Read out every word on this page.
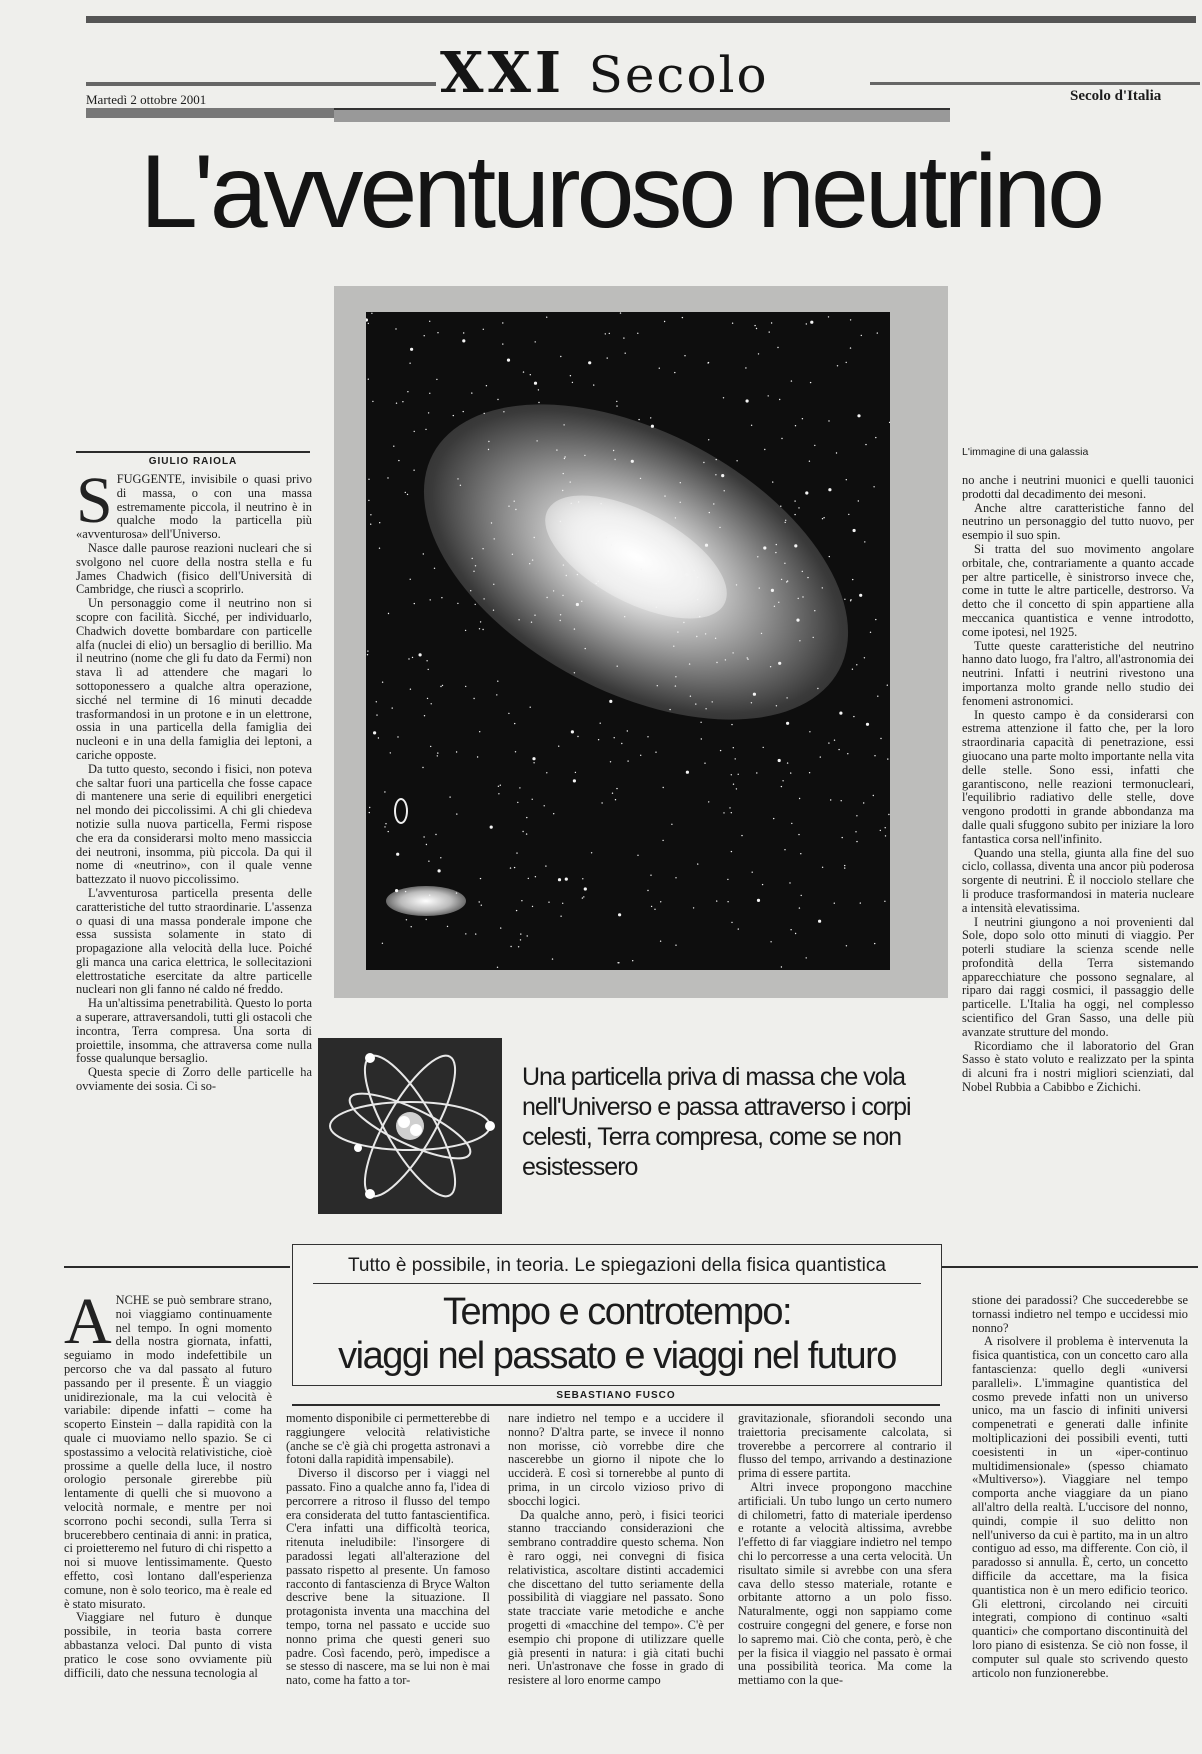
XXI Secolo
Martedì 2 ottobre 2001	Secolo d'Italia
L'avventuroso neutrino
GIULIO RAIOLA

SFUGGENTE, invisibile o quasi privo di massa, o con una massa estremamente piccola, il neutrino è in qualche modo la particella più «avventurosa» dell'Universo.

Nasce dalle paurose reazioni nucleari che si svolgono nel cuore della nostra stella e fu James Chadwich (fisico dell'Università di Cambridge, che riuscì a scoprirlo.

Un personaggio come il neutrino non si scopre con facilità. Sicché, per individuarlo, Chadwich dovette bombardare con particelle alfa (nuclei di elio) un bersaglio di berillio. Ma il neutrino (nome che gli fu dato da Fermi) non stava lì ad attendere che magari lo sottoponessero a qualche altra operazione, sicché nel termine di 16 minuti decadde trasformandosi in un protone e in un elettrone, ossia in una particella della famiglia dei nucleoni e in una della famiglia dei leptoni, a cariche opposte.

Da tutto questo, secondo i fisici, non poteva che saltar fuori una particella che fosse capace di mantenere una serie di equilibri energetici nel mondo dei piccolissimi. A chi gli chiedeva notizie sulla nuova particella, Fermi rispose che era da considerarsi molto meno massiccia dei neutroni, insomma, più piccola. Da qui il nome di «neutrino», con il quale venne battezzato il nuovo piccolissimo.

L'avventurosa particella presenta delle caratteristiche del tutto straordinarie. L'assenza o quasi di una massa ponderale impone che essa sussista solamente in stato di propagazione alla velocità della luce. Poiché gli manca una carica elettrica, le sollecitazioni elettrostatiche esercitate da altre particelle nucleari non gli fanno né caldo né freddo.

Ha un'altissima penetrabilità. Questo lo porta a superare, attraversandoli, tutti gli ostacoli che incontra, Terra compresa. Una sorta di proiettile, insomma, che attraversa come nulla fosse qualunque bersaglio.

Questa specie di Zorro delle particelle ha ovviamente dei sosia. Ci so-

L'immagine di una galassia

no anche i neutrini muonici e quelli tauonici prodotti dal decadimento dei mesoni.

Anche altre caratteristiche fanno del neutrino un personaggio del tutto nuovo, per esempio il suo spin.

Si tratta del suo movimento angolare orbitale, che, contrariamente a quanto accade per altre particelle, è sinistrorso invece che, come in tutte le altre particelle, destrorso. Va detto che il concetto di spin appartiene alla meccanica quantistica e venne introdotto, come ipotesi, nel 1925.

Tutte queste caratteristiche del neutrino hanno dato luogo, fra l'altro, all'astronomia dei neutrini. Infatti i neutrini rivestono una importanza molto grande nello studio dei fenomeni astronomici.

In questo campo è da considerarsi con estrema attenzione il fatto che, per la loro straordinaria capacità di penetrazione, essi giuocano una parte molto importante nella vita delle stelle. Sono essi, infatti che garantiscono, nelle reazioni termonucleari, l'equilibrio radiativo delle stelle, dove vengono prodotti in grande abbondanza ma dalle quali sfuggono subito per iniziare la loro fantastica corsa nell'infinito.

Quando una stella, giunta alla fine del suo ciclo, collassa, diventa una ancor più poderosa sorgente di neutrini. È il nocciolo stellare che li produce trasformandosi in materia nucleare a intensità elevatissima.

I neutrini giungono a noi provenienti dal Sole, dopo solo otto minuti di viaggio. Per poterli studiare la scienza scende nelle profondità della Terra sistemando apparecchiature che possono segnalare, al riparo dai raggi cosmici, il passaggio delle particelle. L'Italia ha oggi, nel complesso scientifico del Gran Sasso, una delle più avanzate strutture del mondo.

Ricordiamo che il laboratorio del Gran Sasso è stato voluto e realizzato per la spinta di alcuni fra i nostri migliori scienziati, dal Nobel Rubbia a Cabibbo e Zichichi.

Una particella priva di massa che vola nell'Universo e passa attraverso i corpi celesti, Terra compresa, come se non esistessero
Tutto è possibile, in teoria. Le spiegazioni della fisica quantistica
Tempo e controtempo:
viaggi nel passato e viaggi nel futuro
SEBASTIANO FUSCO

ANCHE se può sembrare strano, noi viaggiamo continuamente nel tempo. In ogni momento della nostra giornata, infatti, seguiamo in modo indefettibile un percorso che va dal passato al futuro passando per il presente. È un viaggio unidirezionale, ma la cui velocità è variabile: dipende infatti – come ha scoperto Einstein – dalla rapidità con la quale ci muoviamo nello spazio. Se ci spostassimo a velocità relativistiche, cioè prossime a quelle della luce, il nostro orologio personale girerebbe più lentamente di quelli che si muovono a velocità normale, e mentre per noi scorrono pochi secondi, sulla Terra si brucerebbero centinaia di anni: in pratica, ci proietteremo nel futuro di chi rispetto a noi si muove lentissimamente. Questo effetto, così lontano dall'esperienza comune, non è solo teorico, ma è reale ed è stato misurato.

Viaggiare nel futuro è dunque possibile, in teoria basta correre abbastanza veloci. Dal punto di vista pratico le cose sono ovviamente più difficili, dato che nessuna tecnologia al

momento disponibile ci permetterebbe di raggiungere velocità relativistiche (anche se c'è già chi progetta astronavi a fotoni dalla rapidità impensabile).

Diverso il discorso per i viaggi nel passato. Fino a qualche anno fa, l'idea di percorrere a ritroso il flusso del tempo era considerata del tutto fantascientifica. C'era infatti una difficoltà teorica, ritenuta ineludibile: l'insorgere di paradossi legati all'alterazione del passato rispetto al presente. Un famoso racconto di fantascienza di Bryce Walton descrive bene la situazione. Il protagonista inventa una macchina del tempo, torna nel passato e uccide suo nonno prima che questi generi suo padre. Così facendo, però, impedisce a se stesso di nascere, ma se lui non è mai nato, come ha fatto a tor-

nare indietro nel tempo e a uccidere il nonno? D'altra parte, se invece il nonno non morisse, ciò vorrebbe dire che nascerebbe un giorno il nipote che lo ucciderà. E così si tornerebbe al punto di prima, in un circolo vizioso privo di sbocchi logici.

Da qualche anno, però, i fisici teorici stanno tracciando considerazioni che sembrano contraddire questo schema. Non è raro oggi, nei convegni di fisica relativistica, ascoltare distinti accademici che discettano del tutto seriamente della possibilità di viaggiare nel passato. Sono state tracciate varie metodiche e anche progetti di «macchine del tempo». C'è per esempio chi propone di utilizzare quelle già presenti in natura: i già citati buchi neri. Un'astronave che fosse in grado di resistere al loro enorme campo

gravitazionale, sfiorandoli secondo una traiettoria precisamente calcolata, si troverebbe a percorrere al contrario il flusso del tempo, arrivando a destinazione prima di essere partita.

Altri invece propongono macchine artificiali. Un tubo lungo un certo numero di chilometri, fatto di materiale iperdenso e rotante a velocità altissima, avrebbe l'effetto di far viaggiare indietro nel tempo chi lo percorresse a una certa velocità. Un risultato simile si avrebbe con una sfera cava dello stesso materiale, rotante e orbitante attorno a un polo fisso. Naturalmente, oggi non sappiamo come costruire congegni del genere, e forse non lo sapremo mai. Ciò che conta, però, è che per la fisica il viaggio nel passato è ormai una possibilità teorica. Ma come la mettiamo con la que-

stione dei paradossi? Che succederebbe se tornassi indietro nel tempo e uccidessi mio nonno?

A risolvere il problema è intervenuta la fisica quantistica, con un concetto caro alla fantascienza: quello degli «universi paralleli». L'immagine quantistica del cosmo prevede infatti non un universo unico, ma un fascio di infiniti universi compenetrati e generati dalle infinite moltiplicazioni dei possibili eventi, tutti coesistenti in un «iper-continuo multidimensionale» (spesso chiamato «Multiverso»). Viaggiare nel tempo comporta anche viaggiare da un piano all'altro della realtà. L'uccisore del nonno, quindi, compie il suo delitto non nell'universo da cui è partito, ma in un altro contiguo ad esso, ma differente. Con ciò, il paradosso si annulla. È, certo, un concetto difficile da accettare, ma la fisica quantistica non è un mero edificio teorico. Gli elettroni, circolando nei circuiti integrati, compiono di continuo «salti quantici» che comportano discontinuità del loro piano di esistenza. Se ciò non fosse, il computer sul quale sto scrivendo questo articolo non funzionerebbe.
